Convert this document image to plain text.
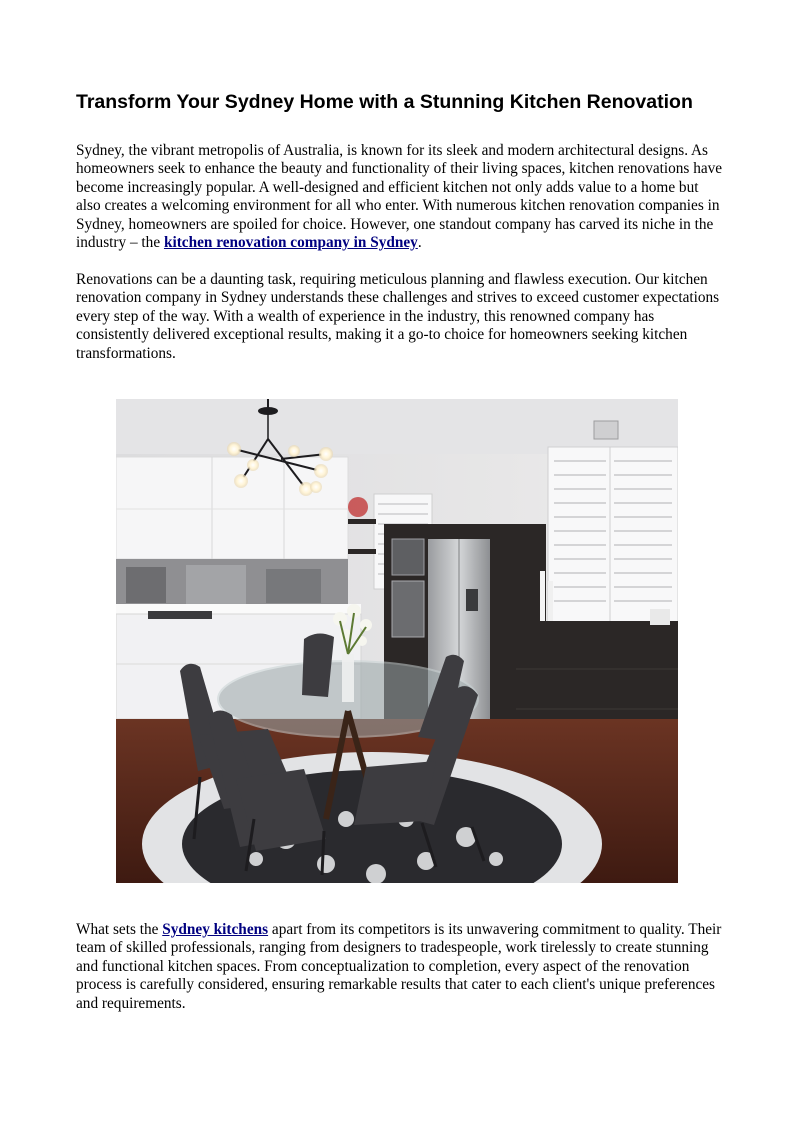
Transform Your Sydney Home with a Stunning Kitchen Renovation

Sydney, the vibrant metropolis of Australia, is known for its sleek and modern architectural designs. As homeowners seek to enhance the beauty and functionality of their living spaces, kitchen renovations have become increasingly popular. A well-designed and efficient kitchen not only adds value to a home but also creates a welcoming environment for all who enter. With numerous kitchen renovation companies in Sydney, homeowners are spoiled for choice. However, one standout company has carved its niche in the industry – the kitchen renovation company in Sydney.

Renovations can be a daunting task, requiring meticulous planning and flawless execution. Our kitchen renovation company in Sydney understands these challenges and strives to exceed customer expectations every step of the way. With a wealth of experience in the industry, this renowned company has consistently delivered exceptional results, making it a go-to choice for homeowners seeking kitchen transformations.

What sets the Sydney kitchens apart from its competitors is its unwavering commitment to quality. Their team of skilled professionals, ranging from designers to tradespeople, work tirelessly to create stunning and functional kitchen spaces. From conceptualization to completion, every aspect of the renovation process is carefully considered, ensuring remarkable results that cater to each client's unique preferences and requirements.
